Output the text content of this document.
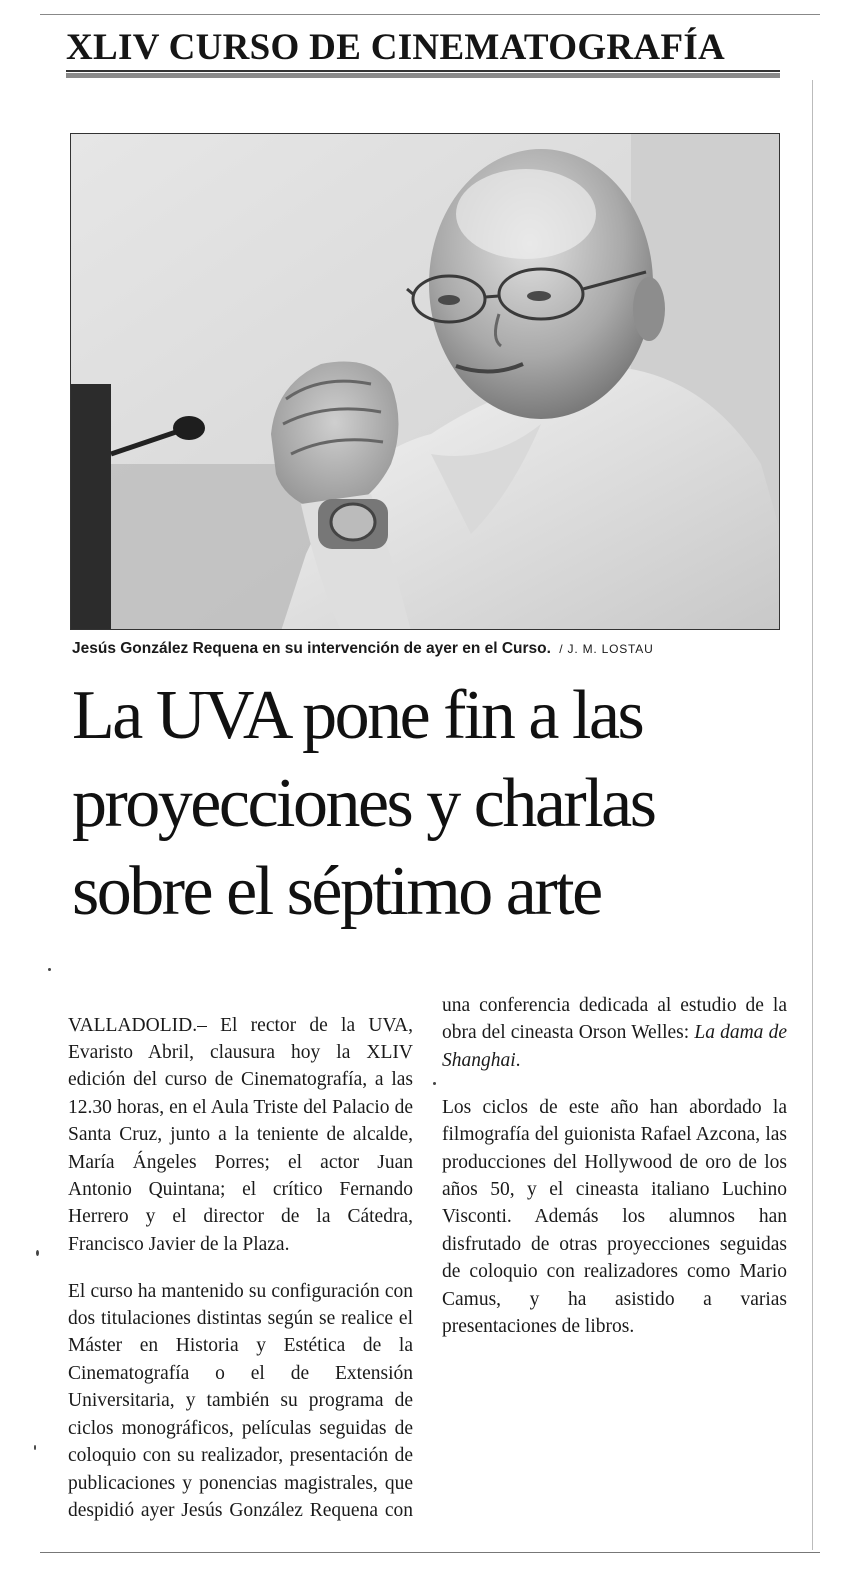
XLIV CURSO DE CINEMATOGRAFÍA
Jesús González Requena en su intervención de ayer en el Curso. / J. M. LOSTAU
La UVA pone fin a las
proyecciones y charlas
sobre el séptimo arte

VALLADOLID.– El rector de la UVA, Evaristo Abril, clausura hoy la XLIV edición del curso de Cinematografía, a las 12.30 horas, en el Aula Triste del Palacio de Santa Cruz, junto a la teniente de alcalde, María Ángeles Porres; el actor Juan Antonio Quintana; el crítico Fernando Herrero y el director de la Cátedra, Francisco Javier de la Plaza.

El curso ha mantenido su configuración con dos titulaciones distintas según se realice el Máster en Historia y Estética de la Cinematografía o el de Extensión Universitaria, y también su programa de ciclos monográficos, películas seguidas de coloquio con su realizador, presentación de publicaciones y ponencias magistrales, que despidió ayer Jesús González Requena con una conferencia dedicada al estudio de la obra del cineasta Orson Welles: La dama de Shanghai.

Los ciclos de este año han abordado la filmografía del guionista Rafael Azcona, las producciones del Hollywood de oro de los años 50, y el cineasta italiano Luchino Visconti. Además los alumnos han disfrutado de otras proyecciones seguidas de coloquio con realizadores como Mario Camus, y ha asistido a varias presentaciones de libros.
